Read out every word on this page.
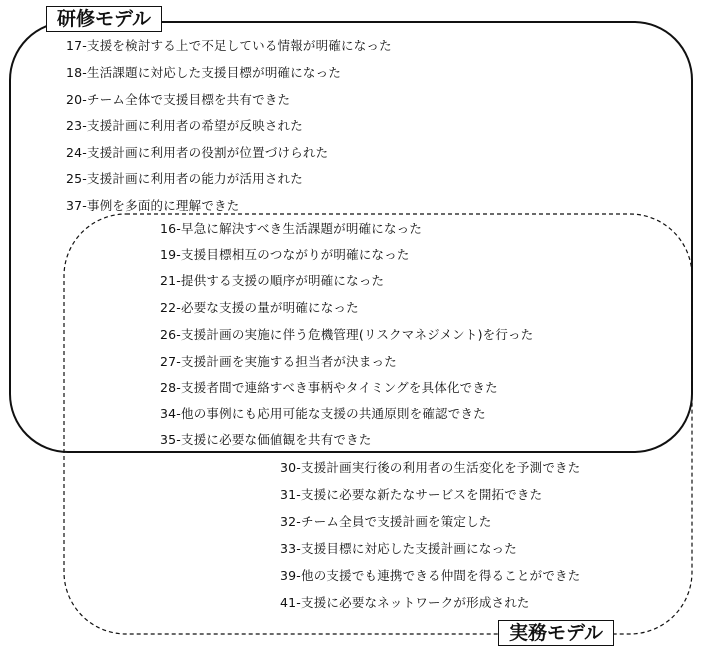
研修モデル
実務モデル
17-支援を検討する上で不足している情報が明確になった
18-生活課題に対応した支援目標が明確になった
20-チーム全体で支援目標を共有できた
23-支援計画に利用者の希望が反映された
24-支援計画に利用者の役割が位置づけられた
25-支援計画に利用者の能力が活用された
37-事例を多面的に理解できた
16-早急に解決すべき生活課題が明確になった
19-支援目標相互のつながりが明確になった
21-提供する支援の順序が明確になった
22-必要な支援の量が明確になった
26-支援計画の実施に伴う危機管理(リスクマネジメント)を行った
27-支援計画を実施する担当者が決まった
28-支援者間で連絡すべき事柄やタイミングを具体化できた
34-他の事例にも応用可能な支援の共通原則を確認できた
35-支援に必要な価値観を共有できた
30-支援計画実行後の利用者の生活変化を予測できた
31-支援に必要な新たなサービスを開拓できた
32-チーム全員で支援計画を策定した
33-支援目標に対応した支援計画になった
39-他の支援でも連携できる仲間を得ることができた
41-支援に必要なネットワークが形成された
